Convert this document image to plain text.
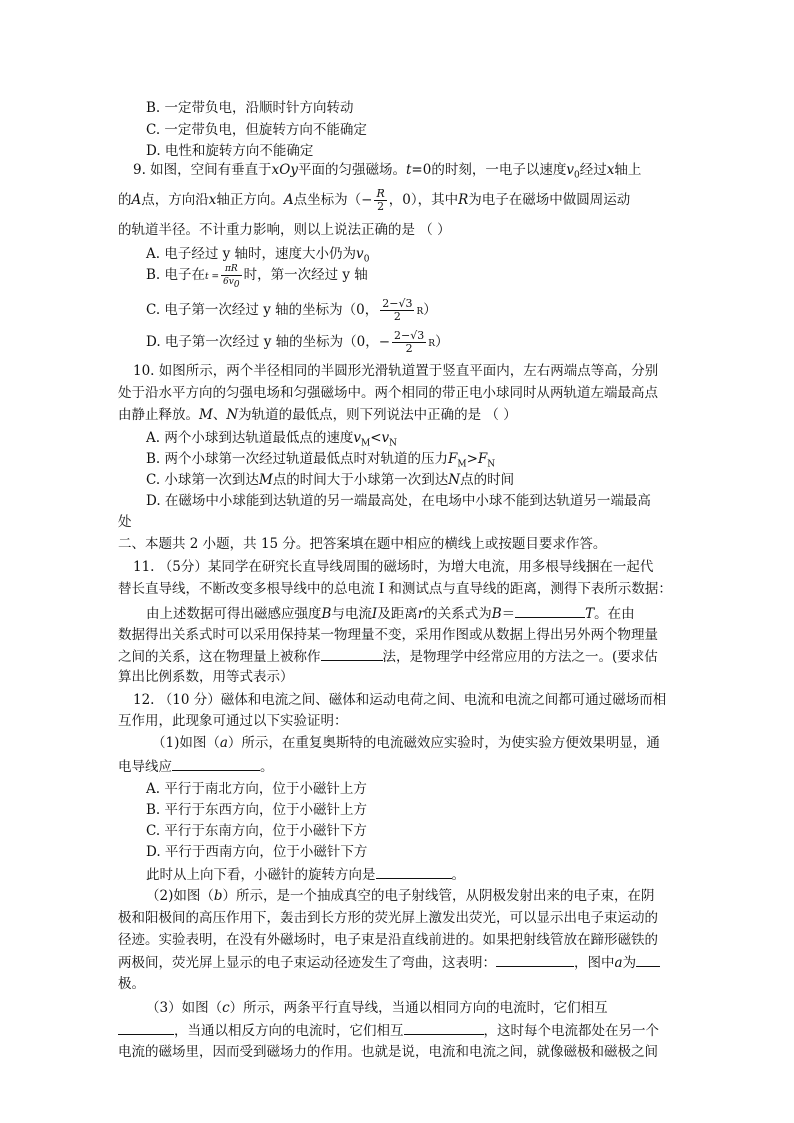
B. 一定带负电，沿顺时针方向转动
C. 一定带负电，但旋转方向不能确定
D. 电性和旋转方向不能确定
9. 如图，空间有垂直于xOy平面的匀强磁场。t=0的时刻，一电子以速度$v_0$经过x轴上
的A点，方向沿x轴正方向。A点坐标为（− $\frac{R}{2}$ ，0），其中R为电子在磁场中做圆周运动
的轨道半径。不计重力影响，则以上说法正确的是 （ ）
A. 电子经过 y 轴时，速度大小仍为$v_0$
B. 电子在$t = \frac{\pi R}{6v_0}$ 时，第一次经过 y 轴
C. 电子第一次经过 y 轴的坐标为（0， $\frac{2-√3}{2} R$）
D. 电子第一次经过 y 轴的坐标为（0，− $\frac{2-√3}{2} R$）
10. 如图所示，两个半径相同的半圆形光滑轨道置于竖直平面内，左右两端点等高，分别
处于沿水平方向的匀强电场和匀强磁场中。两个相同的带正电小球同时从两轨道左端最高点
由静止释放。M、N为轨道的最低点，则下列说法中正确的是 （ ）
A. 两个小球到达轨道最低点的速度$v_M<v_N$
B. 两个小球第一次经过轨道最低点时对轨道的压力$F_M>F_N$
C. 小球第一次到达M点的时间大于小球第一次到达N点的时间
D. 在磁场中小球能到达轨道的另一端最高处，在电场中小球不能到达轨道另一端最高
处
二、本题共 2 小题，共 15 分。把答案填在题中相应的横线上或按题目要求作答。
11. （5分）某同学在研究长直导线周围的磁场时，为增大电流，用多根导线捆在一起代
替长直导线，不断改变多根导线中的总电流 I 和测试点与直导线的距离，测得下表所示数据：
由上述数据可得出磁感应强度B与电流I及距离r的关系式为B＝	T。在由
数据得出关系式时可以采用保持某一物理量不变，采用作图或从数据上得出另外两个物理量
之间的关系，这在物理量上被称作	法，是物理学中经常应用的方法之一。(要求估
算出比例系数，用等式表示）
12. （10 分）磁体和电流之间、磁体和运动电荷之间、电流和电流之间都可通过磁场而相
互作用，此现象可通过以下实验证明：
（1)如图（a）所示，在重复奥斯特的电流磁效应实验时，为使实验方便效果明显，通
电导线应	。
A. 平行于南北方向，位于小磁针上方
B. 平行于东西方向，位于小磁针上方
C. 平行于东南方向，位于小磁针下方
D. 平行于西南方向，位于小磁针下方
此时从上向下看，小磁针的旋转方向是	。
（2)如图（b）所示，是一个抽成真空的电子射线管，从阴极发射出来的电子束，在阴
极和阳极间的高压作用下，轰击到长方形的荧光屏上激发出荧光，可以显示出电子束运动的
径迹。实验表明，在没有外磁场时，电子束是沿直线前进的。如果把射线管放在蹄形磁铁的
两极间，荧光屏上显示的电子束运动径迹发生了弯曲，这表明：	，图中a为
极。
（3）如图（c）所示，两条平行直导线，当通以相同方向的电流时，它们相互
，当通以相反方向的电流时，它们相互	，这时每个电流都处在另一个
电流的磁场里，因而受到磁场力的作用。也就是说，电流和电流之间，就像磁极和磁极之间
